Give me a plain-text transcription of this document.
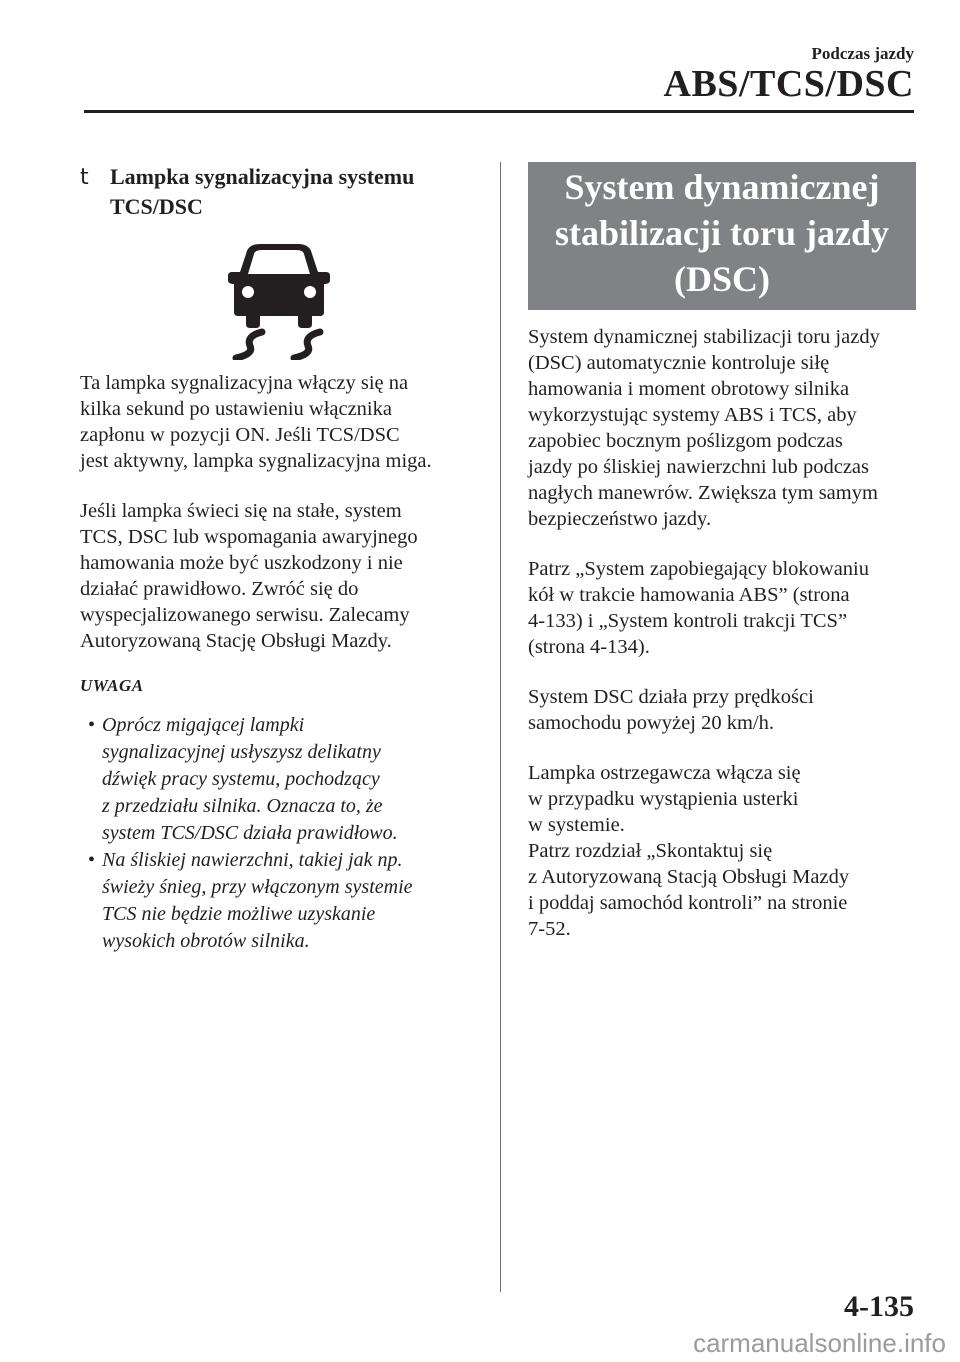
Podczas jazdy
ABS/TCS/DSC
t Lampka sygnalizacyjna systemu
TCS/DSC

Ta lampka sygnalizacyjna włączy się na
kilka sekund po ustawieniu włącznika
zapłonu w pozycji ON. Jeśli TCS/DSC
jest aktywny, lampka sygnalizacyjna miga.

Jeśli lampka świeci się na stałe, system
TCS, DSC lub wspomagania awaryjnego
hamowania może być uszkodzony i nie
działać prawidłowo. Zwróć się do
wyspecjalizowanego serwisu. Zalecamy
Autoryzowaną Stację Obsługi Mazdy.

UWAGA
• Oprócz migającej lampki
sygnalizacyjnej usłyszysz delikatny
dźwięk pracy systemu, pochodzący
z przedziału silnika. Oznacza to, że
system TCS/DSC działa prawidłowo.
• Na śliskiej nawierzchni, takiej jak np.
świeży śnieg, przy włączonym systemie
TCS nie będzie możliwe uzyskanie
wysokich obrotów silnika.
System dynamicznej
stabilizacji toru jazdy
(DSC)

System dynamicznej stabilizacji toru jazdy
(DSC) automatycznie kontroluje siłę
hamowania i moment obrotowy silnika
wykorzystując systemy ABS i TCS, aby
zapobiec bocznym poślizgom podczas
jazdy po śliskiej nawierzchni lub podczas
nagłych manewrów. Zwiększa tym samym
bezpieczeństwo jazdy.

Patrz „System zapobiegający blokowaniu
kół w trakcie hamowania ABS” (strona
4-133) i „System kontroli trakcji TCS”
(strona 4-134).

System DSC działa przy prędkości
samochodu powyżej 20 km/h.

Lampka ostrzegawcza włącza się
w przypadku wystąpienia usterki
w systemie.
Patrz rozdział „Skontaktuj się
z Autoryzowaną Stacją Obsługi Mazdy
i poddaj samochód kontroli” na stronie
7-52.

4-135
carmanualsonline.info
